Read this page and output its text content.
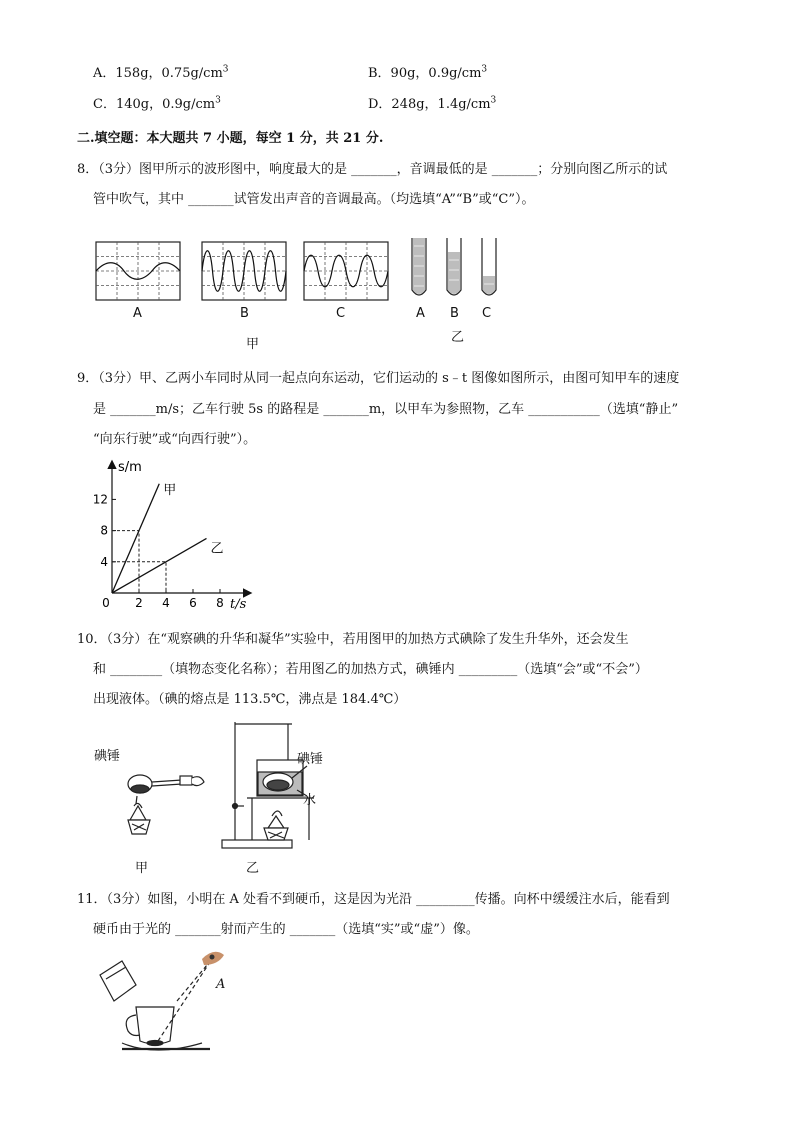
A．158g，$0.75g/cm^3$	B．90g，$0.9g/cm^3$
C．140g，$0.9g/cm^3$	D．248g，$1.4g/cm^3$
二.填空题：本大题共 7 小题，每空 1 分，共 21 分.
8．（3分）图甲所示的波形图中，响度最大的是 _______，音调最低的是 _______；分别向图乙所示的试
管中吹气，其中 _______试管发出声音的音调最高。（均选填“A”“B”或“C”）。
A	B	C	A B C
乙
甲
9．（3分）甲、乙两小车同时从同一起点向东运动，它们运动的 s﹣t 图像如图所示，由图可知甲车的速度
是 _______m/s；乙车行驶 5s 的路程是 _______m，以甲车为参照物，乙车 ___________（选填“静止”
“向东行驶”或“向西行驶”）。
s/m
t/s
4
8
12
0 2 4 6 8
甲
乙
10．（3分）在“观察碘的升华和凝华”实验中，若用图甲的加热方式碘除了发生升华外，还会发生
和 ________（填物态变化名称）；若用图乙的加热方式，碘锤内 _________（选填“会”或“不会”）
出现液体。（碘的熔点是 113.5℃，沸点是 184.4℃）
碘锤	碘锤
水
甲	乙
11．（3分）如图，小明在 A 处看不到硬币，这是因为光沿 _________传播。向杯中缓缓注水后，能看到
硬币由于光的 _______射而产生的 _______（选填“实”或“虚”）像。
A
